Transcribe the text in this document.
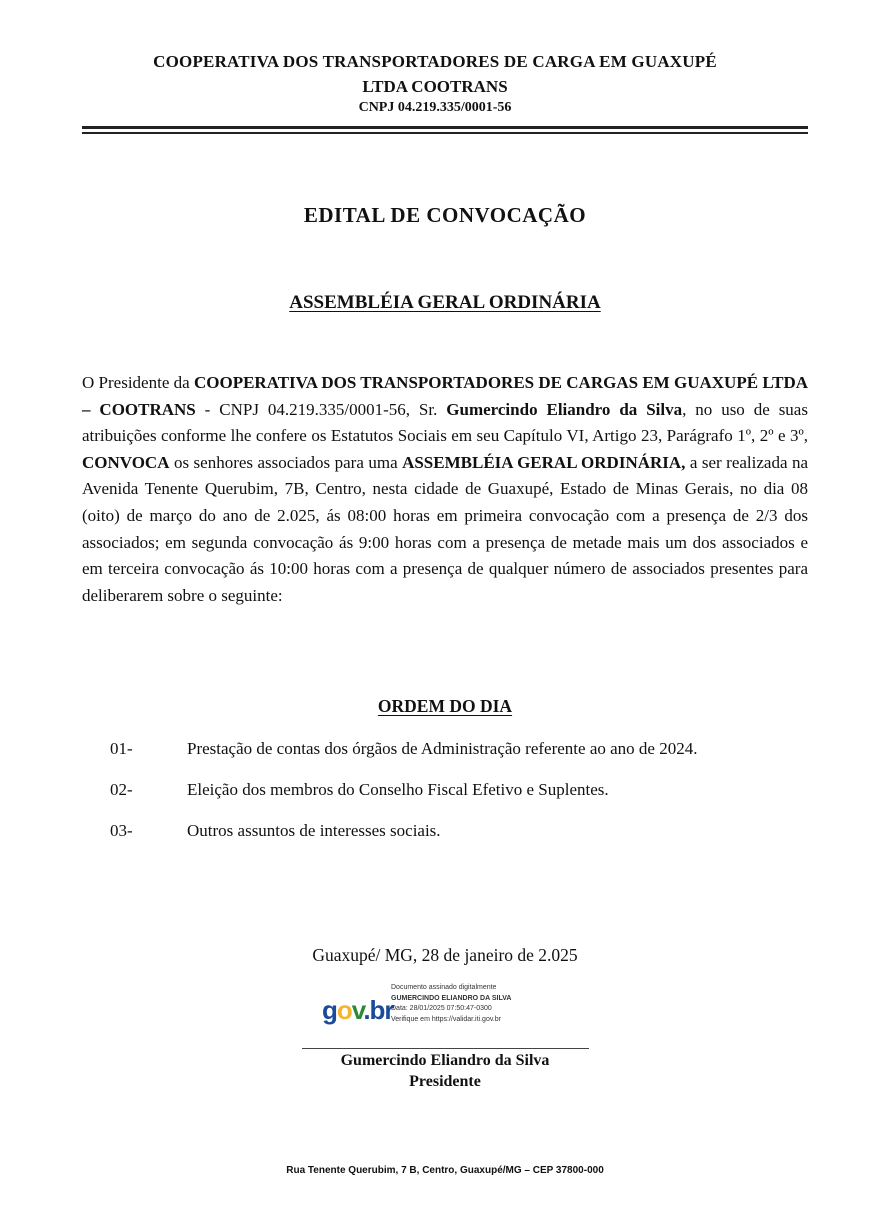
COOPERATIVA DOS TRANSPORTADORES DE CARGA EM GUAXUPÉ
LTDA COOTRANS
CNPJ 04.219.335/0001-56
EDITAL DE CONVOCAÇÃO
ASSEMBLÉIA GERAL ORDINÁRIA
O Presidente da COOPERATIVA DOS TRANSPORTADORES DE CARGAS EM GUAXUPÉ LTDA – COOTRANS - CNPJ 04.219.335/0001-56, Sr. Gumercindo Eliandro da Silva, no uso de suas atribuições conforme lhe confere os Estatutos Sociais em seu Capítulo VI, Artigo 23, Parágrafo 1º, 2º e 3º, CONVOCA os senhores associados para uma ASSEMBLÉIA GERAL ORDINÁRIA, a ser realizada na Avenida Tenente Querubim, 7B, Centro, nesta cidade de Guaxupé, Estado de Minas Gerais, no dia 08 (oito) de março do ano de 2.025, ás 08:00 horas em primeira convocação com a presença de 2/3 dos associados; em segunda convocação ás 9:00 horas com a presença de metade mais um dos associados e em terceira convocação ás 10:00 horas com a presença de qualquer número de associados presentes para deliberarem sobre o seguinte:
ORDEM DO DIA
01-	Prestação de contas dos órgãos de Administração referente ao ano de 2024.
02-	Eleição dos membros do Conselho Fiscal Efetivo e Suplentes.
03-	Outros assuntos de interesses sociais.
Guaxupé/ MG, 28 de janeiro de 2.025
gov.br
Documento assinado digitalmente
GUMERCINDO ELIANDRO DA SILVA
Data: 28/01/2025 07:50:47-0300
Verifique em https://validar.iti.gov.br
Gumercindo Eliandro da Silva
Presidente
Rua Tenente Querubim, 7 B, Centro, Guaxupé/MG – CEP 37800-000
